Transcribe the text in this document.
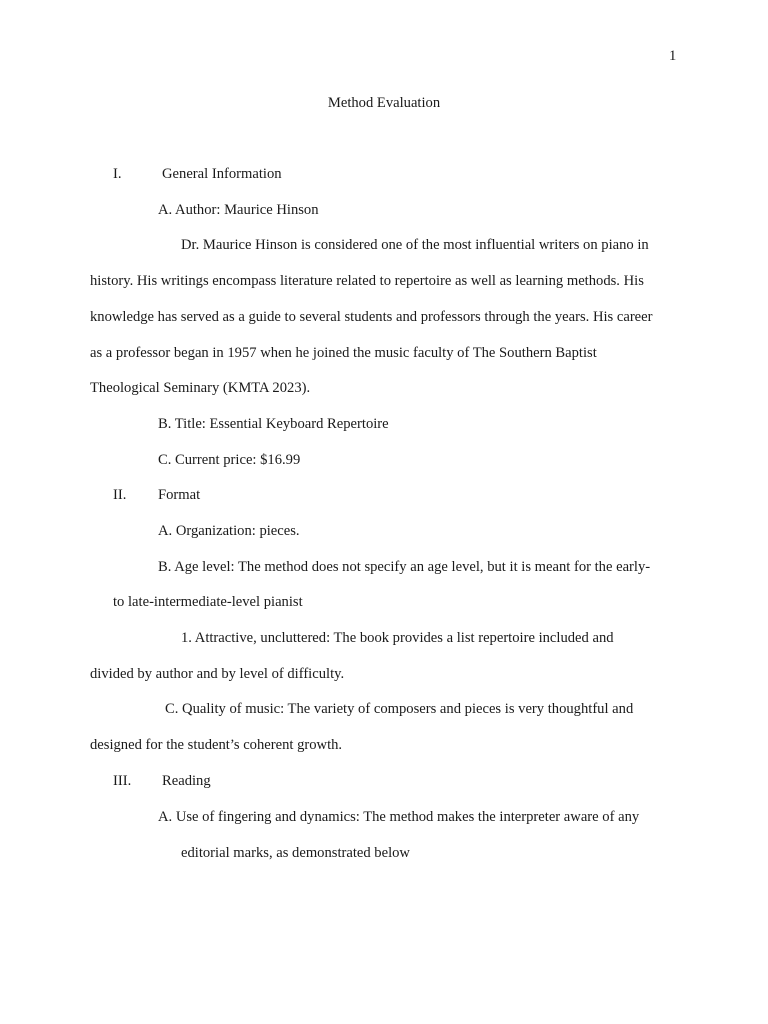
1
Method Evaluation
I.	General Information
A. Author: Maurice Hinson
Dr. Maurice Hinson is considered one of the most influential writers on piano in
history. His writings encompass literature related to repertoire as well as learning methods. His
knowledge has served as a guide to several students and professors through the years. His career
as a professor began in 1957 when he joined the music faculty of The Southern Baptist
Theological Seminary (KMTA 2023).
B. Title: Essential Keyboard Repertoire
C. Current price: $16.99
II. Format
A. Organization: pieces.
B. Age level: The method does not specify an age level, but it is meant for the early-
to late-intermediate-level pianist
1. Attractive, uncluttered: The book provides a list repertoire included and
divided by author and by level of difficulty.
C. Quality of music: The variety of composers and pieces is very thoughtful and
designed for the student’s coherent growth.
III. Reading
A. Use of fingering and dynamics: The method makes the interpreter aware of any
editorial marks, as demonstrated below
